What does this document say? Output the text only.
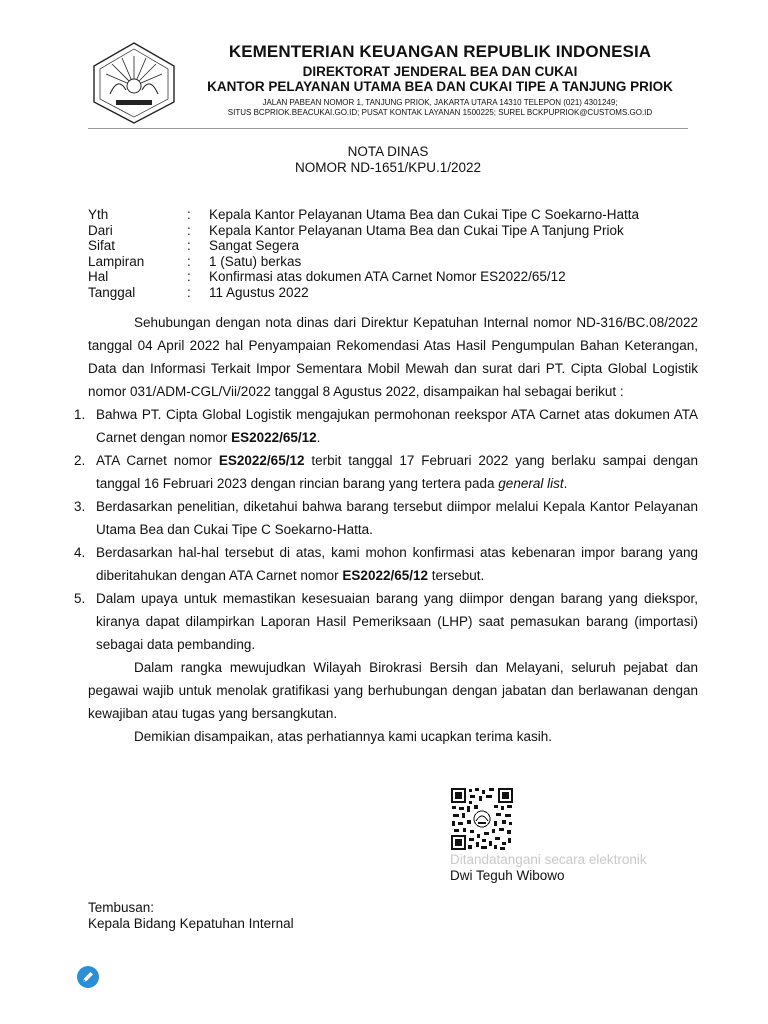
KEMENTERIAN KEUANGAN REPUBLIK INDONESIA
DIREKTORAT JENDERAL BEA DAN CUKAI
KANTOR PELAYANAN UTAMA BEA DAN CUKAI TIPE A TANJUNG PRIOK
JALAN PABEAN NOMOR 1, TANJUNG PRIOK, JAKARTA UTARA 14310 TELEPON (021) 4301249;
SITUS BCPRIOK.BEACUKAI.GO.ID; PUSAT KONTAK LAYANAN 1500225; SUREL BCKPUPRIOK@CUSTOMS.GO.ID
NOTA DINAS
NOMOR ND-1651/KPU.1/2022
Yth	: Kepala Kantor Pelayanan Utama Bea dan Cukai Tipe C Soekarno-Hatta
Dari	: Kepala Kantor Pelayanan Utama Bea dan Cukai Tipe A Tanjung Priok
Sifat	: Sangat Segera
Lampiran	: 1 (Satu) berkas
Hal	: Konfirmasi atas dokumen ATA Carnet Nomor ES2022/65/12
Tanggal	: 11 Agustus 2022

Sehubungan dengan nota dinas dari Direktur Kepatuhan Internal nomor ND-316/BC.08/2022 tanggal 04 April 2022 hal Penyampaian Rekomendasi Atas Hasil Pengumpulan Bahan Keterangan, Data dan Informasi Terkait Impor Sementara Mobil Mewah dan surat dari PT. Cipta Global Logistik nomor 031/ADM-CGL/Vii/2022 tanggal 8 Agustus 2022, disampaikan hal sebagai berikut :

1. Bahwa PT. Cipta Global Logistik mengajukan permohonan reekspor ATA Carnet atas dokumen ATA Carnet dengan nomor ES2022/65/12.
2. ATA Carnet nomor ES2022/65/12 terbit tanggal 17 Februari 2022 yang berlaku sampai dengan tanggal 16 Februari 2023 dengan rincian barang yang tertera pada general list.
3. Berdasarkan penelitian, diketahui bahwa barang tersebut diimpor melalui Kepala Kantor Pelayanan Utama Bea dan Cukai Tipe C Soekarno-Hatta.
4. Berdasarkan hal-hal tersebut di atas, kami mohon konfirmasi atas kebenaran impor barang yang diberitahukan dengan ATA Carnet nomor ES2022/65/12 tersebut.
5. Dalam upaya untuk memastikan kesesuaian barang yang diimpor dengan barang yang diekspor, kiranya dapat dilampirkan Laporan Hasil Pemeriksaan (LHP) saat pemasukan barang (importasi) sebagai data pembanding.

Dalam rangka mewujudkan Wilayah Birokrasi Bersih dan Melayani, seluruh pejabat dan pegawai wajib untuk menolak gratifikasi yang berhubungan dengan jabatan dan berlawanan dengan kewajiban atau tugas yang bersangkutan.

Demikian disampaikan, atas perhatiannya kami ucapkan terima kasih.

Ditandatangani secara elektronik
Dwi Teguh Wibowo
Tembusan:
Kepala Bidang Kepatuhan Internal
